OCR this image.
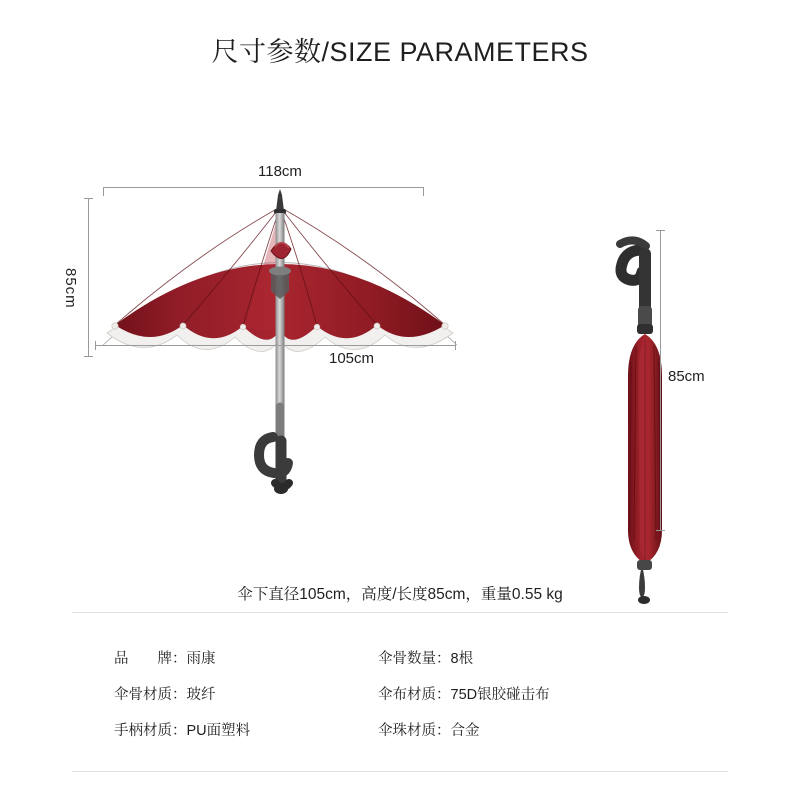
尺寸参数/SIZE PARAMETERS
118cm
85cm
105cm
85cm
伞下直径105cm，高度/长度85cm，重量0.55 kg
品　　牌： 雨康	伞骨数量： 8根
伞骨材质： 玻纤	伞布材质： 75D银胶碰击布
手柄材质： PU面塑料	伞珠材质： 合金
